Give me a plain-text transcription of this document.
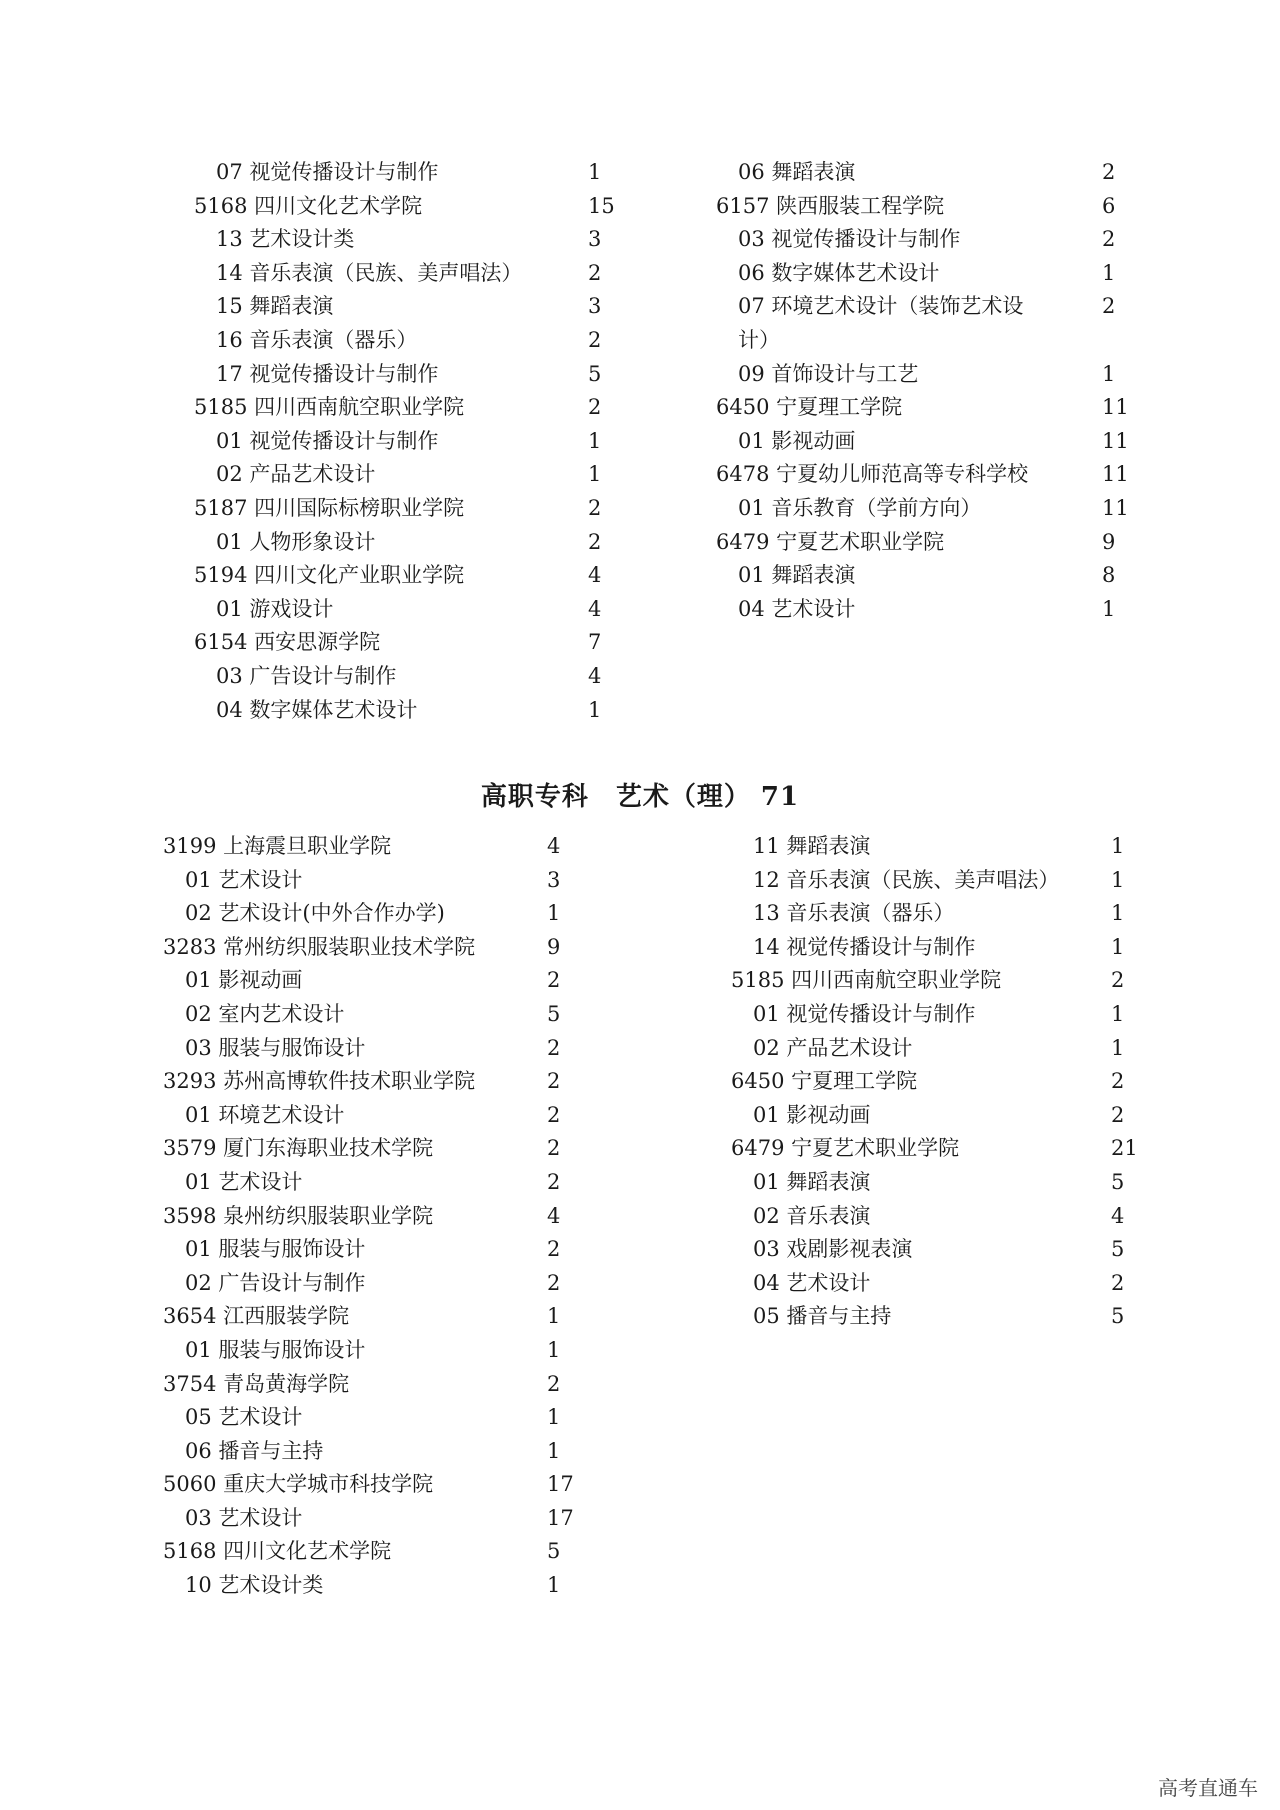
07 视觉传播设计与制作	1
5168 四川文化艺术学院	15
13 艺术设计类	3
14 音乐表演（民族、美声唱法）	2
15 舞蹈表演	3
16 音乐表演（器乐）	2
17 视觉传播设计与制作	5
5185 四川西南航空职业学院	2
01 视觉传播设计与制作	1
02 产品艺术设计	1
5187 四川国际标榜职业学院	2
01 人物形象设计	2
5194 四川文化产业职业学院	4
01 游戏设计	4
6154 西安思源学院	7
03 广告设计与制作	4
04 数字媒体艺术设计	1
06 舞蹈表演	2
6157 陕西服装工程学院	6
03 视觉传播设计与制作	2
06 数字媒体艺术设计	1
07 环境艺术设计（装饰艺术设	2
计）
09 首饰设计与工艺	1
6450 宁夏理工学院	11
01 影视动画	11
6478 宁夏幼儿师范高等专科学校	11
01 音乐教育（学前方向）	11
6479 宁夏艺术职业学院	9
01 舞蹈表演	8
04 艺术设计	1
高职专科　艺术（理） 71
3199 上海震旦职业学院	4
01 艺术设计	3
02 艺术设计(中外合作办学)	1
3283 常州纺织服装职业技术学院	9
01 影视动画	2
02 室内艺术设计	5
03 服装与服饰设计	2
3293 苏州高博软件技术职业学院	2
01 环境艺术设计	2
3579 厦门东海职业技术学院	2
01 艺术设计	2
3598 泉州纺织服装职业学院	4
01 服装与服饰设计	2
02 广告设计与制作	2
3654 江西服装学院	1
01 服装与服饰设计	1
3754 青岛黄海学院	2
05 艺术设计	1
06 播音与主持	1
5060 重庆大学城市科技学院	17
03 艺术设计	17
5168 四川文化艺术学院	5
10 艺术设计类	1
11 舞蹈表演	1
12 音乐表演（民族、美声唱法） 1
13 音乐表演（器乐）	1
14 视觉传播设计与制作	1
5185 四川西南航空职业学院	2
01 视觉传播设计与制作	1
02 产品艺术设计	1
6450 宁夏理工学院	2
01 影视动画	2
6479 宁夏艺术职业学院	21
01 舞蹈表演	5
02 音乐表演	4
03 戏剧影视表演	5
04 艺术设计	2
05 播音与主持	5
高考直通车
